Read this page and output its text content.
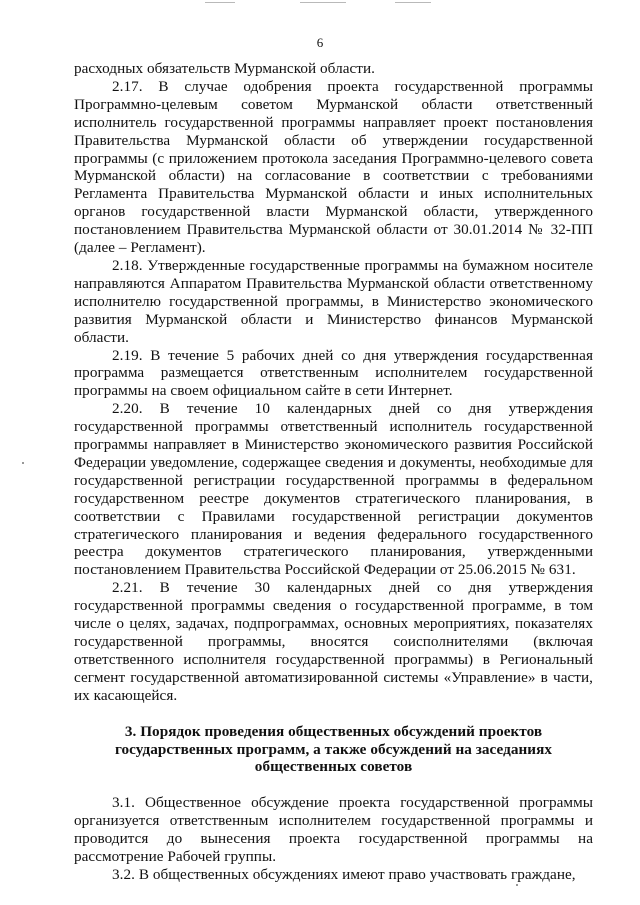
6

расходных обязательств Мурманской области.

2.17. В случае одобрения проекта государственной программы Программно-целевым советом Мурманской области ответственный исполнитель государственной программы направляет проект постановления Правительства Мурманской области об утверждении государственной программы (с приложением протокола заседания Программно-целевого совета Мурманской области) на согласование в соответствии с требованиями Регламента Правительства Мурманской области и иных исполнительных органов государственной власти Мурманской области, утвержденного постановлением Правительства Мурманской области от 30.01.2014 № 32-ПП (далее – Регламент).

2.18. Утвержденные государственные программы на бумажном носителе направляются Аппаратом Правительства Мурманской области ответственному исполнителю государственной программы, в Министерство экономического развития Мурманской области и Министерство финансов Мурманской области.

2.19. В течение 5 рабочих дней со дня утверждения государственная программа размещается ответственным исполнителем государственной программы на своем официальном сайте в сети Интернет.

2.20. В течение 10 календарных дней со дня утверждения государственной программы ответственный исполнитель государственной программы направляет в Министерство экономического развития Российской Федерации уведомление, содержащее сведения и документы, необходимые для государственной регистрации государственной программы в федеральном государственном реестре документов стратегического планирования, в соответствии с Правилами государственной регистрации документов стратегического планирования и ведения федерального государственного реестра документов стратегического планирования, утвержденными постановлением Правительства Российской Федерации от 25.06.2015 № 631.

2.21. В течение 30 календарных дней со дня утверждения государственной программы сведения о государственной программе, в том числе о целях, задачах, подпрограммах, основных мероприятиях, показателях государственной программы, вносятся соисполнителями (включая ответственного исполнителя государственной программы) в Региональный сегмент государственной автоматизированной системы «Управление» в части, их касающейся.

3. Порядок проведения общественных обсуждений проектов
государственных программ, а также обсуждений на заседаниях
общественных советов

3.1. Общественное обсуждение проекта государственной программы организуется ответственным исполнителем государственной программы и проводится до вынесения проекта государственной программы на рассмотрение Рабочей группы.

3.2. В общественных обсуждениях имеют право участвовать граждане,
